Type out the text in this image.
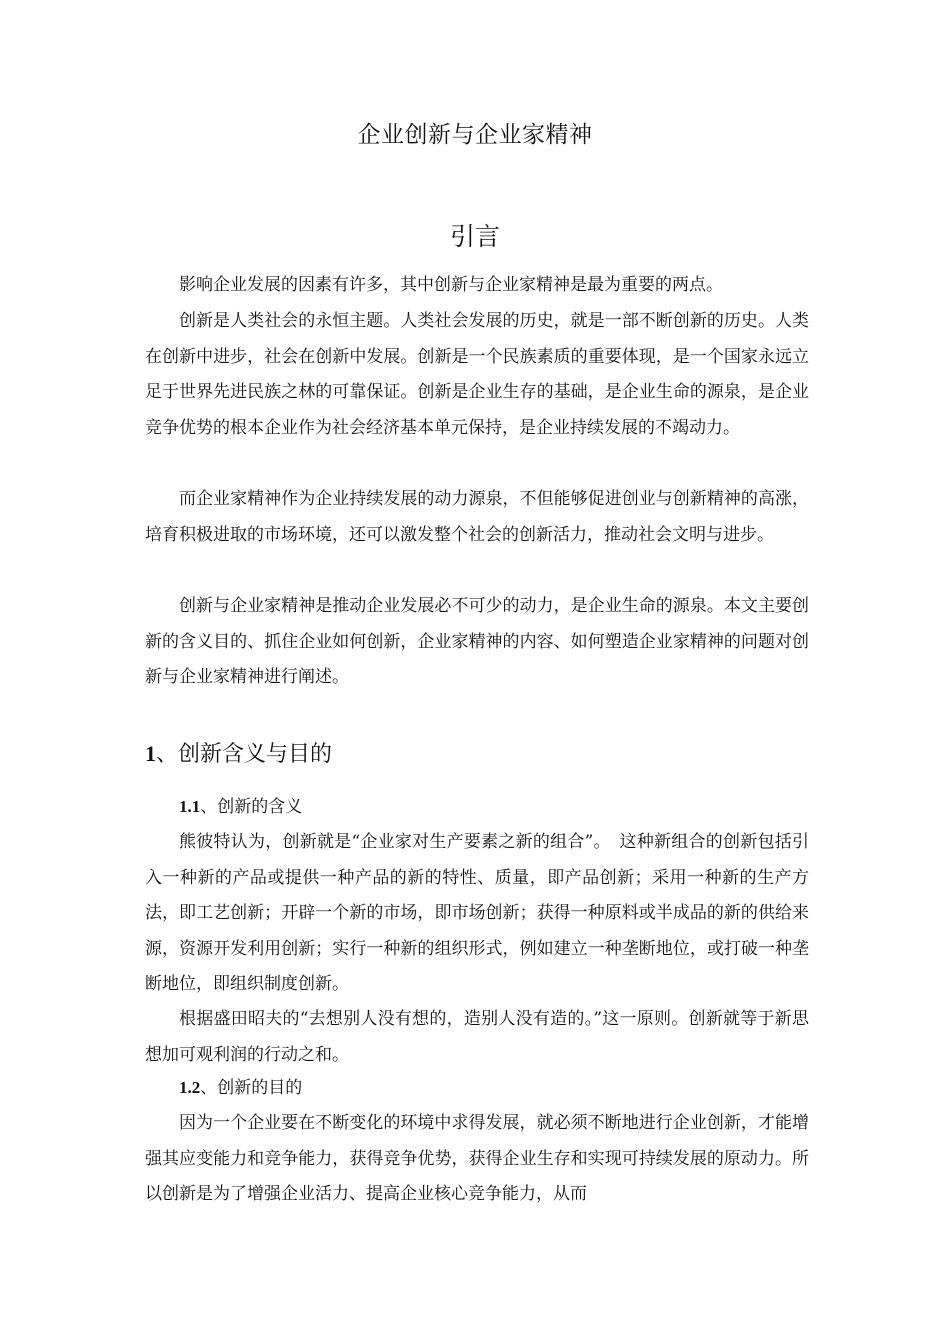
企业创新与企业家精神
引言

影响企业发展的因素有许多，其中创新与企业家精神是最为重要的两点。

创新是人类社会的永恒主题。人类社会发展的历史，就是一部不断创新的历史。人类在创新中进步，社会在创新中发展。创新是一个民族素质的重要体现，是一个国家永远立足于世界先进民族之林的可靠保证。创新是企业生存的基础，是企业生命的源泉，是企业竞争优势的根本企业作为社会经济基本单元保持，是企业持续发展的不竭动力。

而企业家精神作为企业持续发展的动力源泉，不但能够促进创业与创新精神的高涨，培育积极进取的市场环境，还可以激发整个社会的创新活力，推动社会文明与进步。

创新与企业家精神是推动企业发展必不可少的动力，是企业生命的源泉。本文主要创新的含义目的、抓住企业如何创新，企业家精神的内容、如何塑造企业家精神的问题对创新与企业家精神进行阐述。

1、创新含义与目的
1.1、创新的含义

熊彼特认为，创新就是“企业家对生产要素之新的组合”。　这种新组合的创新包括引入一种新的产品或提供一种产品的新的特性、质量，即产品创新；采用一种新的生产方法，即工艺创新；开辟一个新的市场，即市场创新；获得一种原料或半成品的新的供给来源，资源开发利用创新；实行一种新的组织形式，例如建立一种垄断地位，或打破一种垄断地位，即组织制度创新。

根据盛田昭夫的“去想别人没有想的，造别人没有造的。”这一原则。创新就等于新思想加可观利润的行动之和。

1.2、创新的目的

因为一个企业要在不断变化的环境中求得发展，就必须不断地进行企业创新，才能增强其应变能力和竞争能力，获得竞争优势，获得企业生存和实现可持续发展的原动力。所以创新是为了增强企业活力、提高企业核心竞争能力，从而
